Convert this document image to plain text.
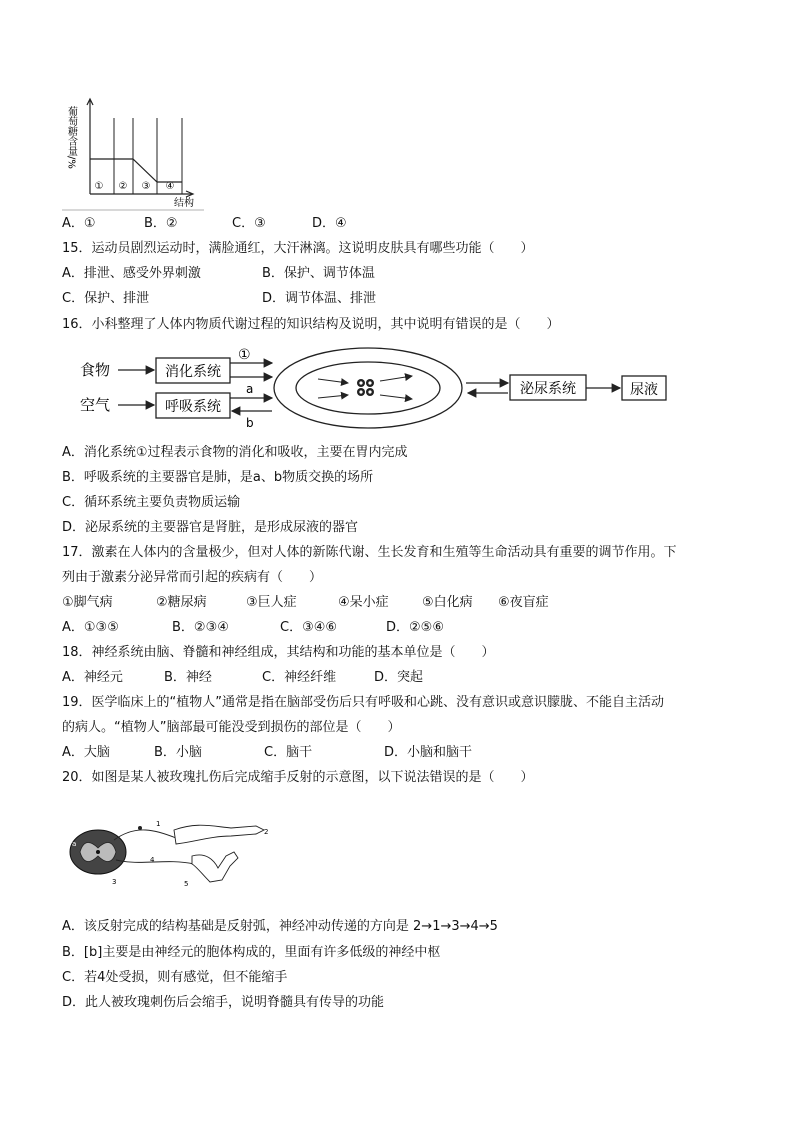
葡萄糖含量/%
① ② ③ ④
结构
A．①	B．②	C．③	D．④
15．运动员剧烈运动时，满脸通红，大汗淋漓。这说明皮肤具有哪些功能（　　）
A．排泄、感受外界刺激	B．保护、调节体温
C．保护、排泄	D．调节体温、排泄
16．小科整理了人体内物质代谢过程的知识结构及说明，其中说明有错误的是（　　）
食物	消化系统
①
空气	呼吸系统
a
b
泌尿系统	尿液
A．消化系统①过程表示食物的消化和吸收，主要在胃内完成
B．呼吸系统的主要器官是肺，是a、b物质交换的场所
C．循环系统主要负责物质运输
D．泌尿系统的主要器官是肾脏，是形成尿液的器官
17．激素在人体内的含量极少，但对人体的新陈代谢、生长发育和生殖等生命活动具有重要的调节作用。下
列由于激素分泌异常而引起的疾病有（　　）
①脚气病	②糖尿病	③巨人症	④呆小症	⑤白化病 ⑥夜盲症
A．①③⑤	B．②③④	C．③④⑥	D．②⑤⑥
18．神经系统由脑、脊髓和神经组成，其结构和功能的基本单位是（　　）
A．神经元	B．神经	C．神经纤维	D．突起
19．医学临床上的“植物人”通常是指在脑部受伤后只有呼吸和心跳、没有意识或意识朦胧、不能自主活动
的病人。“植物人”脑部最可能没受到损伤的部位是（　　）
A．大脑	B．小脑	C．脑干	D．小脑和脑干
20．如图是某人被玫瑰扎伤后完成缩手反射的示意图，以下说法错误的是（　　）
a
1
2
3
4
5
A．该反射完成的结构基础是反射弧，神经冲动传递的方向是 2→1→3→4→5
B．[b]主要是由神经元的胞体构成的，里面有许多低级的神经中枢
C．若4处受损，则有感觉，但不能缩手
D．此人被玫瑰刺伤后会缩手，说明脊髓具有传导的功能
